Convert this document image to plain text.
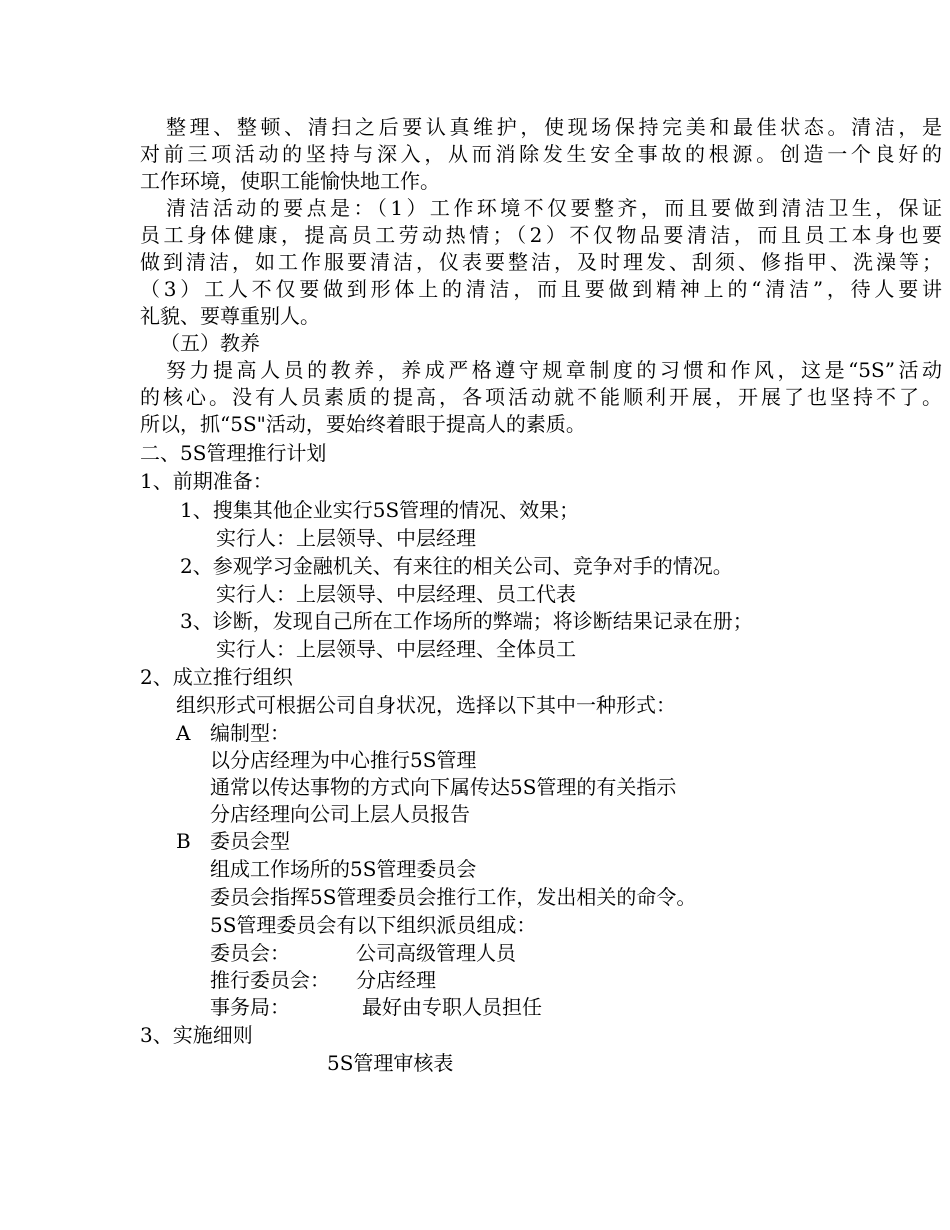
整理、整顿、清扫之后要认真维护，使现场保持完美和最佳状态。清洁，是
对前三项活动的坚持与深入，从而消除发生安全事故的根源。创造一个良好的
工作环境，使职工能愉快地工作。
清洁活动的要点是：（1）工作环境不仅要整齐，而且要做到清洁卫生，保证
员工身体健康，提高员工劳动热情；（2）不仅物品要清洁，而且员工本身也要
做到清洁，如工作服要清洁，仪表要整洁，及时理发、刮须、修指甲、洗澡等；
（3）工人不仅要做到形体上的清洁，而且要做到精神上的“清洁”，待人要讲
礼貌、要尊重别人。
（五）教养
努力提高人员的教养，养成严格遵守规章制度的习惯和作风，这是“5S”活动
的核心。没有人员素质的提高，各项活动就不能顺利开展，开展了也坚持不了。
所以，抓“5S"活动，要始终着眼于提高人的素质。
二、5S管理推行计划
1、前期准备：
1、搜集其他企业实行5S管理的情况、效果；
实行人：上层领导、中层经理
2、参观学习金融机关、有来往的相关公司、竞争对手的情况。
实行人：上层领导、中层经理、员工代表
3、诊断，发现自己所在工作场所的弊端；将诊断结果记录在册；
实行人：上层领导、中层经理、全体员工
2、成立推行组织
组织形式可根据公司自身状况，选择以下其中一种形式：
A 编制型：
以分店经理为中心推行5S管理
通常以传达事物的方式向下属传达5S管理的有关指示
分店经理向公司上层人员报告
B 委员会型
组成工作场所的5S管理委员会
委员会指挥5S管理委员会推行工作，发出相关的命令。
5S管理委员会有以下组织派员组成：
委员会：	公司高级管理人员
推行委员会： 分店经理
事务局：	最好由专职人员担任
3、实施细则
5S管理审核表
